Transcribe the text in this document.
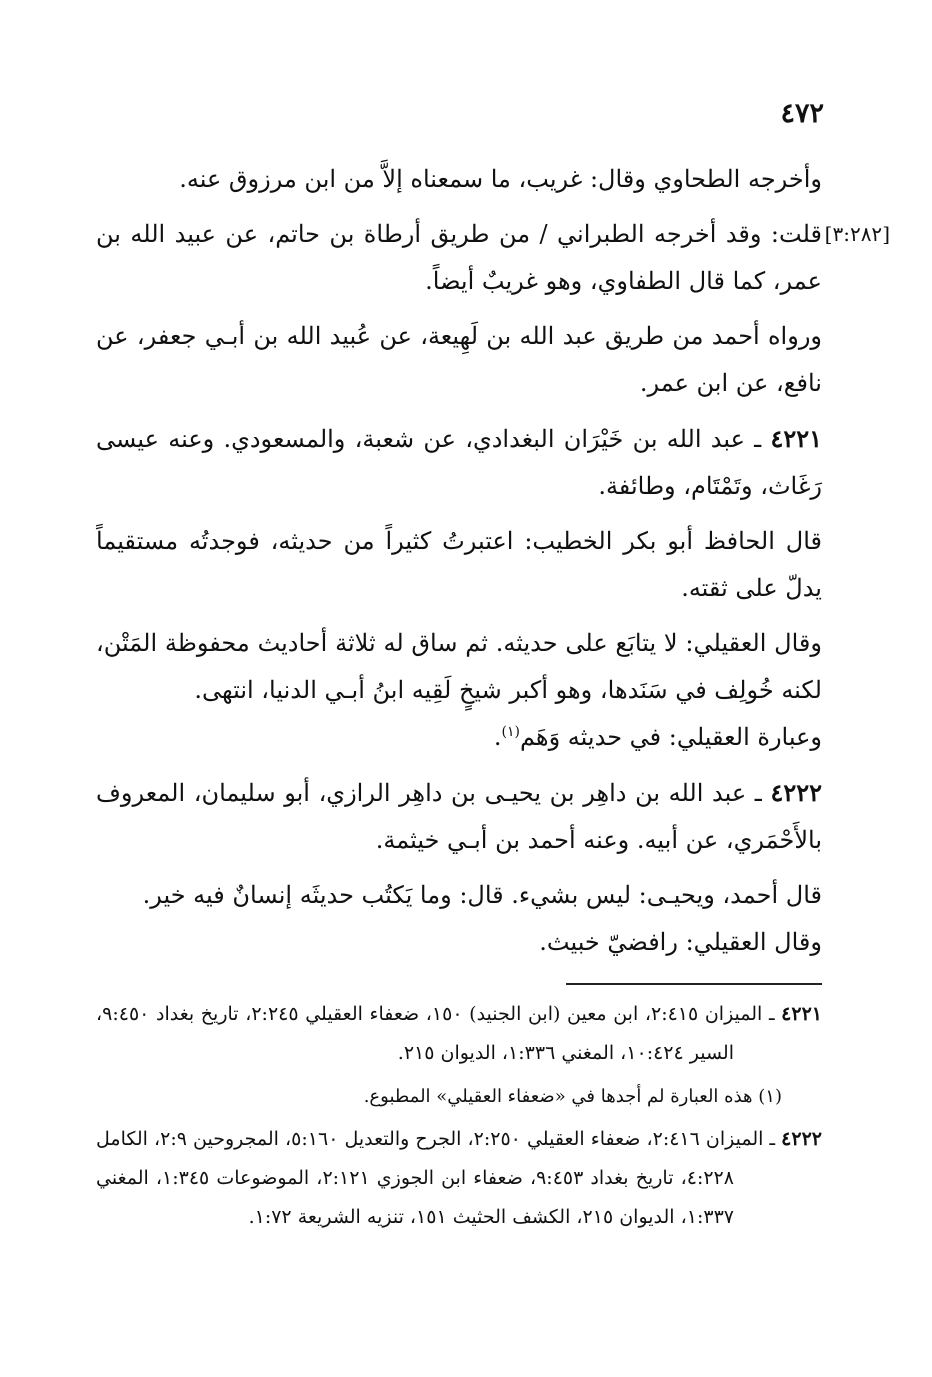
٤٧٢
[٣:٢٨٢]

وأخرجه الطحاوي وقال: غريب، ما سمعناه إلاَّ من ابن مرزوق عنه.

قلت: وقد أخرجه الطبراني / من طريق أرطاة بن حاتم، عن عبيد الله بن عمر، كما قال الطفاوي، وهو غريبٌ أيضاً.

ورواه أحمد من طريق عبد الله بن لَهِيعة، عن عُبيد الله بن أبـي جعفر، عن نافع، عن ابن عمر.

٤٢٢١ ـ عبد الله بن خَيْرَان البغدادي، عن شعبة، والمسعودي. وعنه عيسى رَغَاث، وتَمْتَام، وطائفة.

قال الحافظ أبو بكر الخطيب: اعتبرتُ كثيراً من حديثه، فوجدتُه مستقيماً يدلّ على ثقته.

وقال العقيلي: لا يتابَع على حديثه. ثم ساق له ثلاثة أحاديث محفوظة المَتْن، لكنه خُولِف في سَنَدها، وهو أكبر شيخٍ لَقِيه ابنُ أبـي الدنيا، انتهى.

وعبارة العقيلي: في حديثه وَهَم$^{(١)}$.

٤٢٢٢ ـ عبد الله بن داهِر بن يحيـى بن داهِر الرازي، أبو سليمان، المعروف بالأَحْمَري، عن أبيه. وعنه أحمد بن أبـي خيثمة.

قال أحمد، ويحيـى: ليس بشيء. قال: وما يَكتُب حديثَه إنسانٌ فيه خير.

وقال العقيلي: رافضيّ خبيث.

٤٢٢١ ـ الميزان ٢:٤١٥، ابن معين (ابن الجنيد) ١٥٠، ضعفاء العقيلي ٢:٢٤٥، تاريخ بغداد ٩:٤٥٠، السير ١٠:٤٢٤، المغني ١:٣٣٦، الديوان ٢١٥.

(١) هذه العبارة لم أجدها في «ضعفاء العقيلي» المطبوع.

٤٢٢٢ ـ الميزان ٢:٤١٦، ضعفاء العقيلي ٢:٢٥٠، الجرح والتعديل ٥:١٦٠، المجروحين ٢:٩، الكامل ٤:٢٢٨، تاريخ بغداد ٩:٤٥٣، ضعفاء ابن الجوزي ٢:١٢١، الموضوعات ١:٣٤٥، المغني ١:٣٣٧، الديوان ٢١٥، الكشف الحثيث ١٥١، تنزيه الشريعة ١:٧٢.
